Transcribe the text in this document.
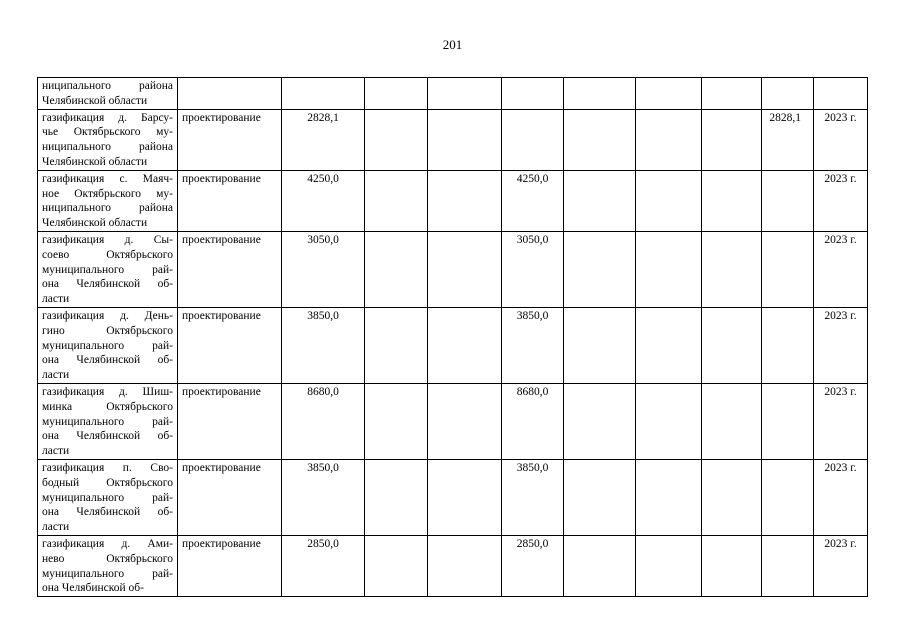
201
ниципального района
Челябинской области											

газификация д. Барсу-
чье Октябрьского му-
ниципального района
Челябинской области	проектирование	2828,1							2828,1	2023 г.	

газификация с. Маяч-
ное Октябрьского му-
ниципального района
Челябинской области	проектирование	4250,0			4250,0					2023 г.	

газификация д. Сы-
соево Октябрьского
муниципального рай-
она Челябинской об-
ласти	проектирование	3050,0			3050,0					2023 г.	

газификация д. День-
гино Октябрьского
муниципального рай-
она Челябинской об-
ласти	проектирование	3850,0			3850,0					2023 г.	

газификация д. Шиш-
минка Октябрьского
муниципального рай-
она Челябинской об-
ласти	проектирование	8680,0			8680,0					2023 г.	

газификация п. Сво-
бодный Октябрьского
муниципального рай-
она Челябинской об-
ласти	проектирование	3850,0			3850,0					2023 г.	

газификация д. Ами-
нево Октябрьского
муниципального рай-
она Челябинской об-	проектирование	2850,0			2850,0					2023 г.	
